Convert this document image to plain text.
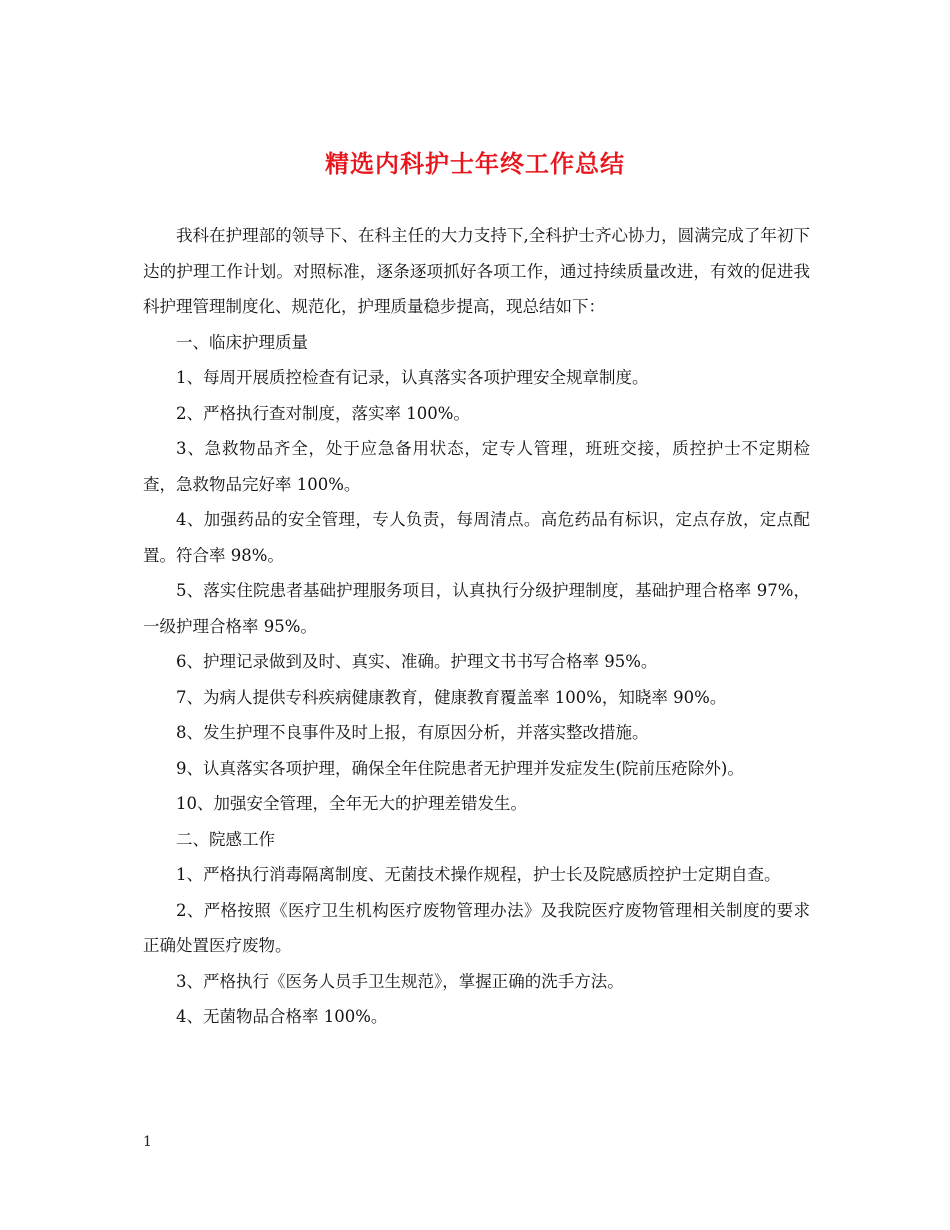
精选内科护士年终工作总结

我科在护理部的领导下、在科主任的大力支持下,全科护士齐心协力，圆满完成了年初下达的护理工作计划。对照标准，逐条逐项抓好各项工作，通过持续质量改进，有效的促进我科护理管理制度化、规范化，护理质量稳步提高，现总结如下：

一、临床护理质量

1、每周开展质控检查有记录，认真落实各项护理安全规章制度。

2、严格执行查对制度，落实率 100%。

3、急救物品齐全，处于应急备用状态，定专人管理，班班交接，质控护士不定期检查，急救物品完好率 100%。

4、加强药品的安全管理，专人负责，每周清点。高危药品有标识，定点存放，定点配置。符合率 98%。

5、落实住院患者基础护理服务项目，认真执行分级护理制度，基础护理合格率 97%，一级护理合格率 95%。

6、护理记录做到及时、真实、准确。护理文书书写合格率 95%。

7、为病人提供专科疾病健康教育，健康教育覆盖率 100%，知晓率 90%。

8、发生护理不良事件及时上报，有原因分析，并落实整改措施。

9、认真落实各项护理，确保全年住院患者无护理并发症发生(院前压疮除外)。

10、加强安全管理，全年无大的护理差错发生。

二、院感工作

1、严格执行消毒隔离制度、无菌技术操作规程，护士长及院感质控护士定期自查。

2、严格按照《医疗卫生机构医疗废物管理办法》及我院医疗废物管理相关制度的要求正确处置医疗废物。

3、严格执行《医务人员手卫生规范》，掌握正确的洗手方法。

4、无菌物品合格率 100%。

1
